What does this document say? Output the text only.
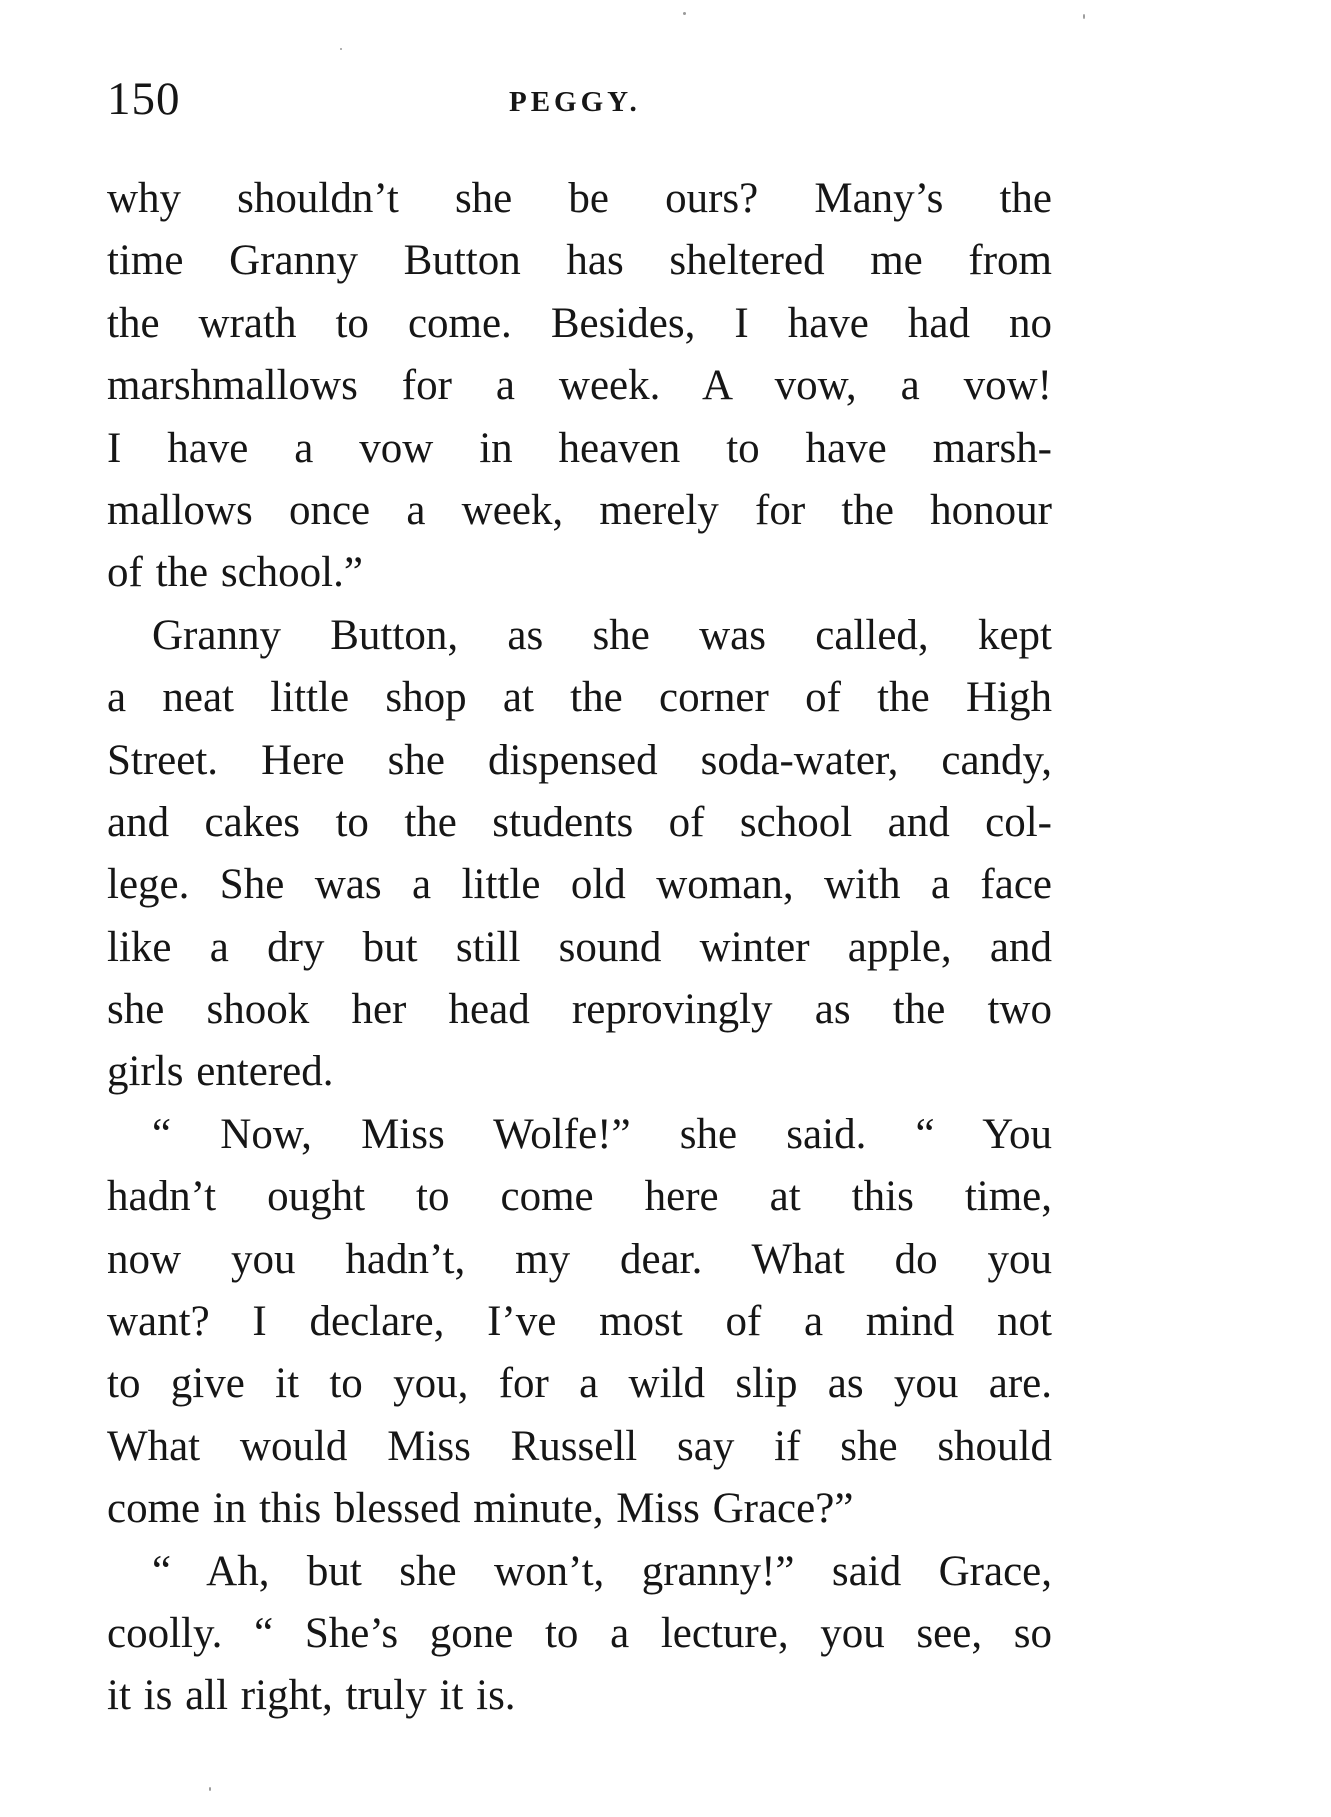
150	PEGGY.
why shouldn’t she be ours? Many’s the
time Granny Button has sheltered me from
the wrath to come. Besides, I have had no
marshmallows for a week. A vow, a vow!
I have a vow in heaven to have marsh-
mallows once a week, merely for the honour
of the school.”
Granny Button, as she was called, kept
a neat little shop at the corner of the High
Street. Here she dispensed soda-water, candy,
and cakes to the students of school and col-
lege. She was a little old woman, with a face
like a dry but still sound winter apple, and
she shook her head reprovingly as the two
girls entered.
“ Now, Miss Wolfe!” she said. “ You
hadn’t ought to come here at this time,
now you hadn’t, my dear. What do you
want? I declare, I’ve most of a mind not
to give it to you, for a wild slip as you are.
What would Miss Russell say if she should
come in this blessed minute, Miss Grace?”
“ Ah, but she won’t, granny!” said Grace,
coolly. “ She’s gone to a lecture, you see, so
it is all right, truly it is.
